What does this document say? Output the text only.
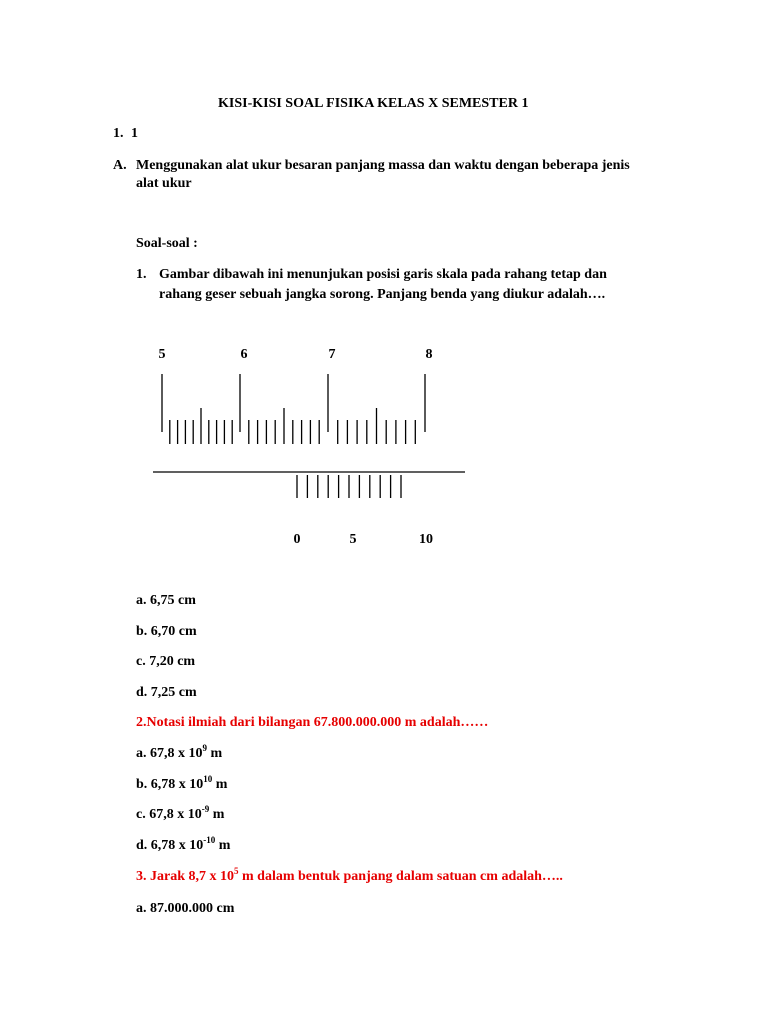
KISI-KISI SOAL FISIKA KELAS X SEMESTER 1
1. 1
A. Menggunakan alat ukur besaran panjang massa dan waktu dengan beberapa jenis
alat ukur
Soal-soal :
1. Gambar dibawah ini menunjukan posisi garis skala pada rahang tetap dan
rahang geser sebuah jangka sorong. Panjang benda yang diukur adalah….
5	6	7	8
0	5	10
a. 6,75 cm
b. 6,70 cm
c. 7,20 cm
d. 7,25 cm
2.Notasi ilmiah dari bilangan 67.800.000.000 m adalah……
a. 67,8 x $10^9$ m
b. 6,78 x $10^{10}$ m
c. 67,8 x $10^{-9}$ m
d. 6,78 x $10^{-10}$ m
3. Jarak 8,7 x $10^5$ m dalam bentuk panjang dalam satuan cm adalah…..
a. 87.000.000 cm
